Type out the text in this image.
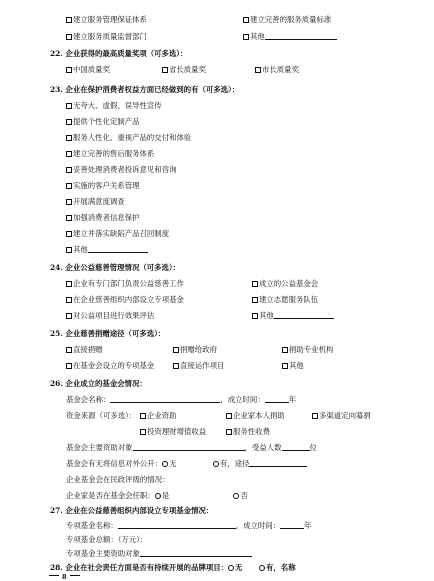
建立服务管理保证体系	建立完善的服务质量标准
建立服务质量监督部门	其他
22. 企业获得的最高质量奖项（可多选）：
中国质量奖	省长质量奖	市长质量奖
23. 企业在保护消费者权益方面已经做到的有（可多选）：
无夸大、虚假、误导性宣传
提供个性化定制产品
服务人性化、重视产品的交付和体验
建立完善的售后服务体系
妥善处理消费者投诉意见和咨询
实施的客户关系管理
开展满意度调查
加强消费者信息保护
建立并落实缺陷产品召回制度
其他
24. 企业公益慈善管理情况（可多选）：
企业有专门部门负责公益慈善工作	成立的公益基金会
在企业慈善组织内部设立专项基金	建立志愿服务队伍
对公益项目进行效果评估	其他
25. 企业慈善捐赠途径（可多选）：
直接捐赠	捐赠给政府	捐助专业机构
在基金会设立的专项基金	直接运作项目	其他
26. 企业成立的基金会情况：
基金会名称：	，成立时间：	年
资金来源（可多选）：	企业资助	企业家本人捐助	多渠道定向募捐
投资理财增值收益	服务性收费
基金会主要资助对象	，受益人数	位
基金会有无将信息对外公开： 无	有，途径
企业基金会在民政评级的情况：
企业家是否在基金会任职： 是	否
27. 企业在公益慈善组织内部设立专项基金情况：
专项基金名称：	，成立时间：	年
专项基金总额：（万元）：
专项基金主要资助对象
28. 企业在社会责任方面是否有持续开展的品牌项目： 无	有，名称
8
